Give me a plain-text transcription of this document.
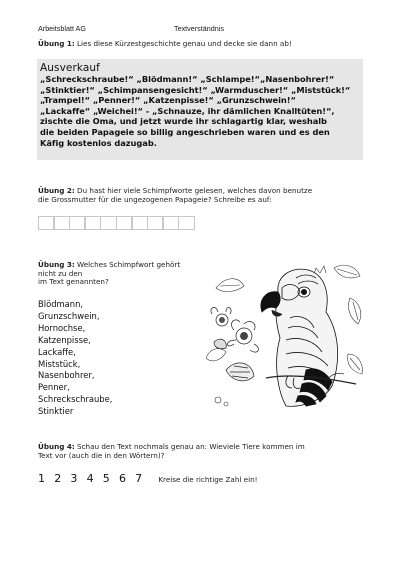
Arbeitsblatt AG	Textverständnis
Übung 1: Lies diese Kürzestgeschichte genau und decke sie dann ab!
Ausverkauf
„Schreckschraube!“ „Blödmann!“ „Schlampe!“„Nasenbohrer!“
„Stinktier!“ „Schimpansengesicht!“ „Warmduscher!“ „Miststück!“
„Trampel!“ „Penner!“ „Katzenpisse!“ „Grunzschwein!“
„Lackaffe“ „Weichei!“ - „Schnauze, ihr dämlichen Knalltüten!“,
zischte die Oma, und jetzt wurde ihr schlagartig klar, weshalb
die beiden Papageie so billig angeschrieben waren und es den
Käfig kostenlos dazugab.
Übung 2: Du hast hier viele Schimpfworte gelesen, welches davon benutze
die Grossmutter für die ungezogenen Papageie? Schreibe es auf:
Übung 3: Welches Schimpfwort gehört
nicht zu den
im Text genannten?
Blödmann,
Grunzschwein,
Hornochse,
Katzenpisse,
Lackaffe,
Miststück,
Nasenbohrer,
Penner,
Schreckschraube,
Stinktier
Übung 4: Schau den Text nochmals genau an: Wieviele Tiere kommen im
Text vor (auch die in den Wörtern)?
1 2 3 4 5 6 7	Kreise die richtige Zahl ein!
